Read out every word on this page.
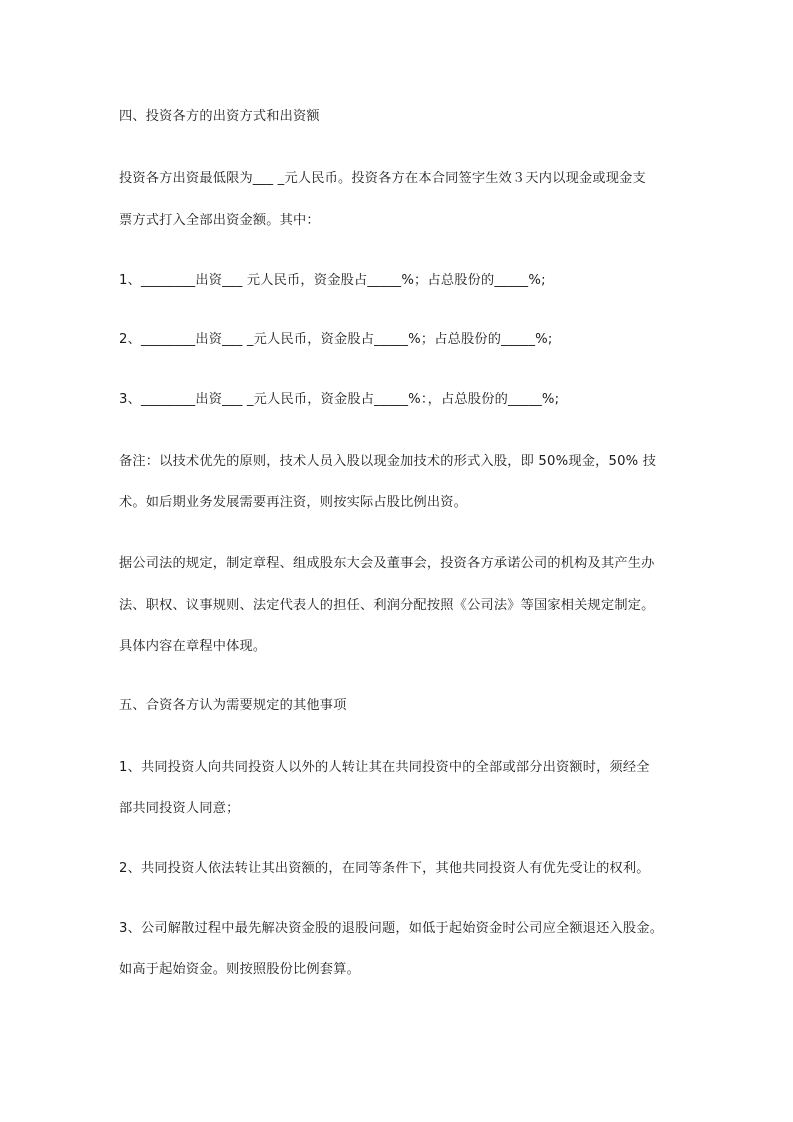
四、投资各方的出资方式和出资额
投资各方出资最低限为___ _元人民币。投资各方在本合同签字生效３天内以现金或现金支
票方式打入全部出资金额。其中：
1、________出资___ 元人民币，资金股占_____%；占总股份的_____%;
2、________出资___ _元人民币，资金股占_____%；占总股份的_____%;
3、________出资___ _元人民币，资金股占_____%：，占总股份的_____%;
备注：以技术优先的原则，技术人员入股以现金加技术的形式入股，即 50%现金，50% 技
术。如后期业务发展需要再注资，则按实际占股比例出资。
据公司法的规定，制定章程、组成股东大会及董事会，投资各方承诺公司的机构及其产生办
法、职权、议事规则、法定代表人的担任、利润分配按照《公司法》等国家相关规定制定。
具体内容在章程中体现。
五、合资各方认为需要规定的其他事项
1、共同投资人向共同投资人以外的人转让其在共同投资中的全部或部分出资额时，须经全
部共同投资人同意；
2、共同投资人依法转让其出资额的，在同等条件下，其他共同投资人有优先受让的权利。
3、公司解散过程中最先解决资金股的退股问题，如低于起始资金时公司应全额退还入股金。
如高于起始资金。则按照股份比例套算。
